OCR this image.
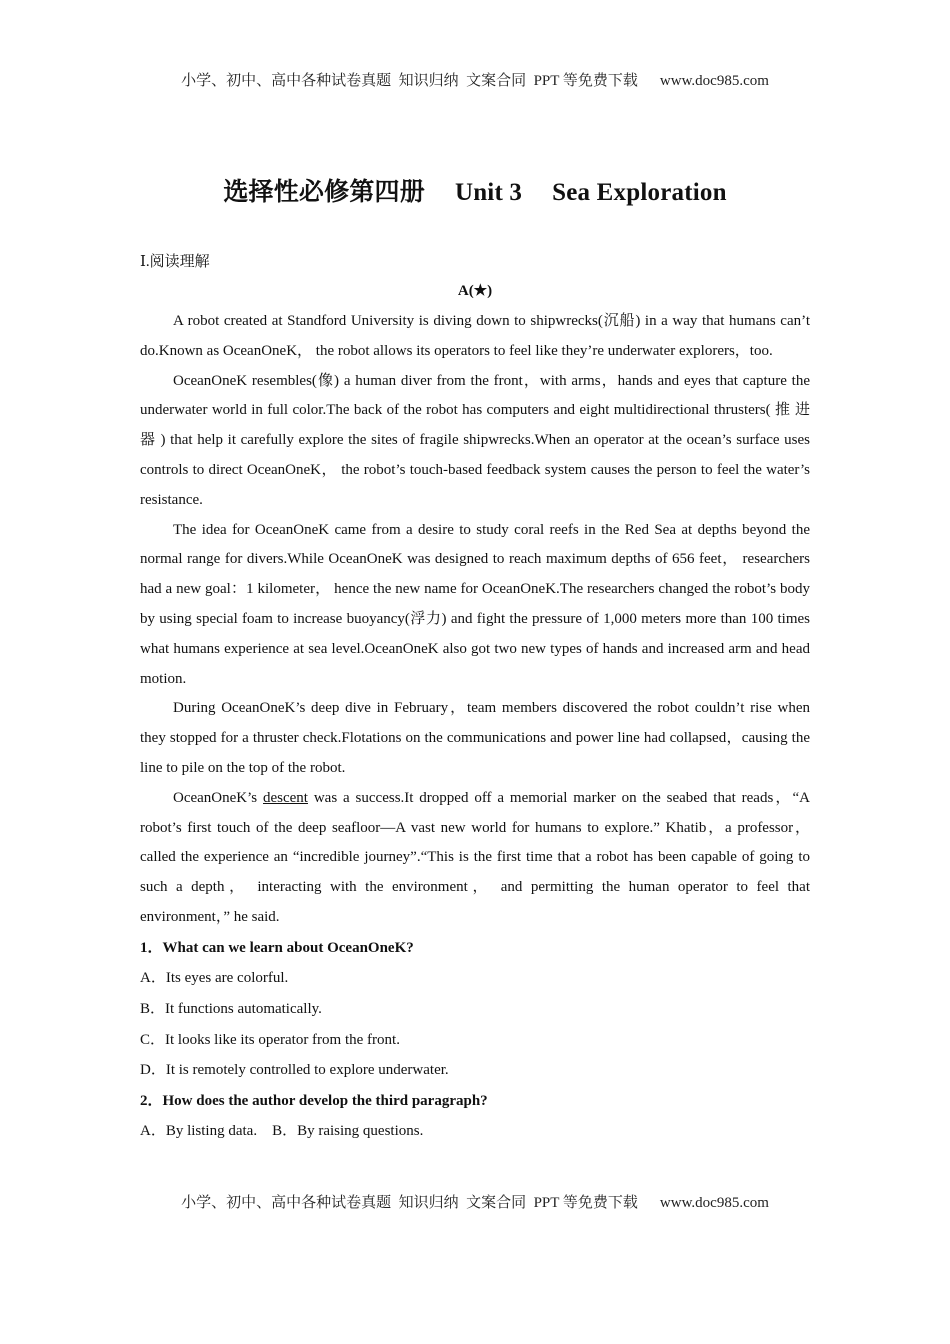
小学、初中、高中各种试卷真题  知识归纳  文案合同  PPT 等免费下载 www.doc985.com
选择性必修第四册 Unit 3 Sea Exploration
Ⅰ.阅读理解
A(★)

A robot created at Standford University is diving down to shipwrecks(沉船) in a way that humans can’t do.Known as OceanOneK， the robot allows its operators to feel like they’re underwater explorers，too.

OceanOneK resembles(像) a human diver from the front，with arms，hands and eyes that capture the underwater world in full color.The back of the robot has computers and eight multidirectional thrusters( 推 进 器 ) that help it carefully explore the sites of fragile shipwrecks.When an operator at the ocean’s surface uses controls to direct OceanOneK， the robot’s touch-based feedback system causes the person to feel the water’s resistance.

The idea for OceanOneK came from a desire to study coral reefs in the Red Sea at depths beyond the normal range for divers.While OceanOneK was designed to reach maximum depths of 656 feet， researchers had a new goal：1 kilometer， hence the new name for OceanOneK.The researchers changed the robot’s body by using special foam to increase buoyancy(浮力) and fight the pressure of 1,000 meters more than 100 times what humans experience at sea level.OceanOneK also got two new types of hands and increased arm and head motion.

During OceanOneK’s deep dive in February，team members discovered the robot couldn’t rise when they stopped for a thruster check.Flotations on the communications and power line had collapsed，causing the line to pile on the top of the robot.

OceanOneK’s descent was a success.It dropped off a memorial marker on the seabed that reads，“A robot’s first touch of the deep seafloor—A vast new world for humans to explore.” Khatib，a professor，called the experience an “incredible journey”.“This is the first time that a robot has been capable of going to such a depth， interacting with the environment， and permitting the human operator to feel that environment，” he said.

1．What can we learn about OceanOneK?
A．Its eyes are colorful.
B．It functions automatically.
C．It looks like its operator from the front.
D．It is remotely controlled to explore underwater.
2．How does the author develop the third paragraph?
A．By listing data.　B．By raising questions.
小学、初中、高中各种试卷真题  知识归纳  文案合同  PPT 等免费下载 www.doc985.com
